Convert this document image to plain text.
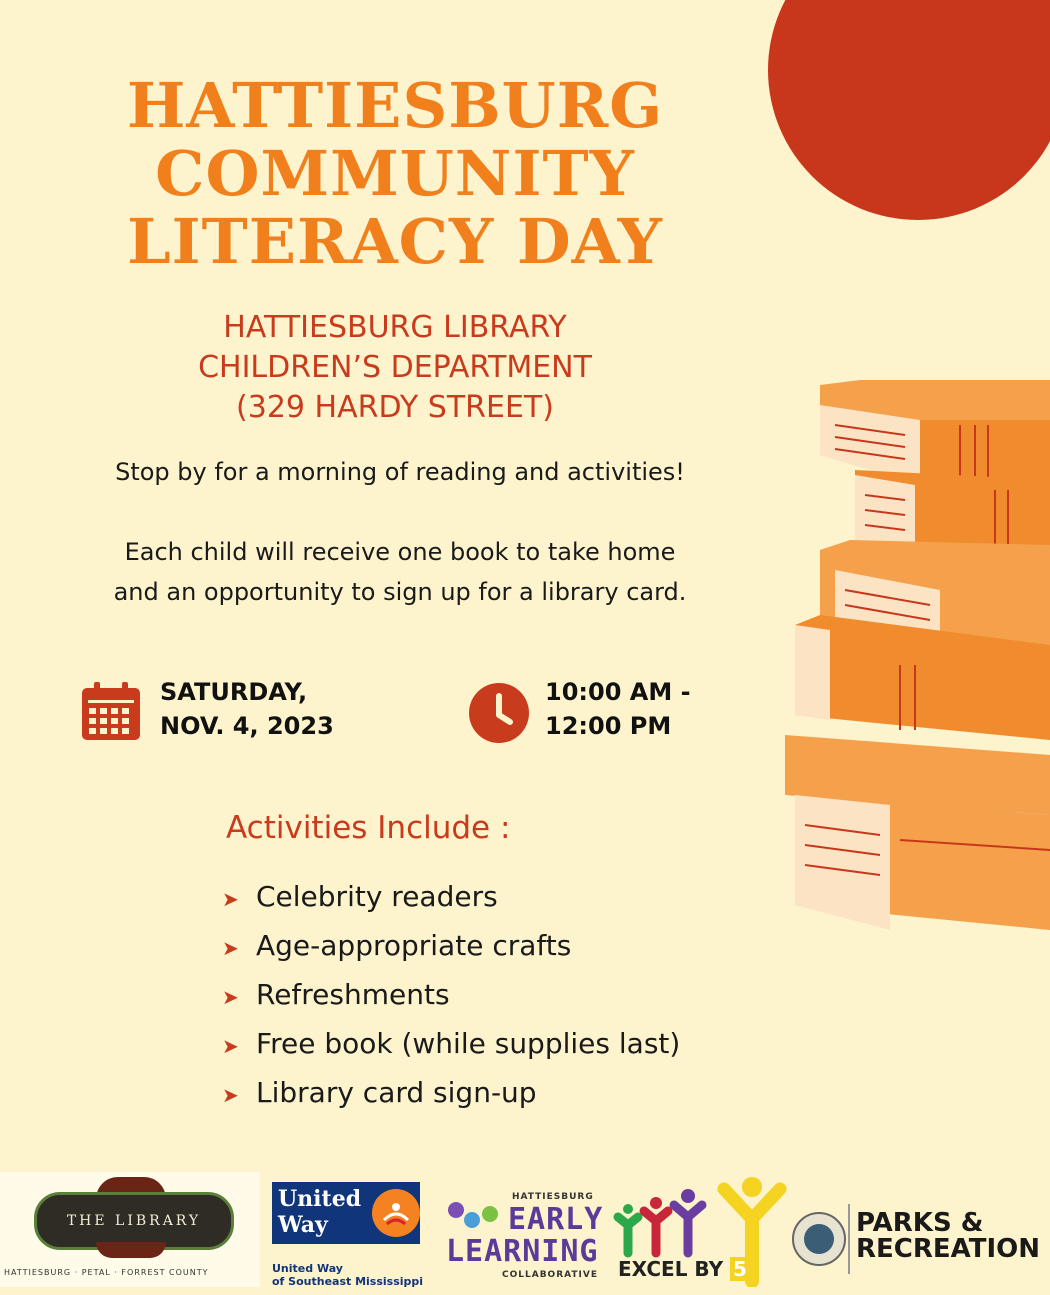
HATTIESBURG
COMMUNITY
LITERACY DAY
HATTIESBURG LIBRARY
CHILDREN’S DEPARTMENT
(329 HARDY STREET)
Stop by for a morning of reading and activities!
Each child will receive one book to take home
and an opportunity to sign up for a library card.
SATURDAY,
NOV. 4, 2023
10:00 AM -
12:00 PM
Activities Include :
➤ Celebrity readers
➤ Age-appropriate crafts
➤ Refreshments
➤ Free book (while supplies last)
➤ Library card sign-up
THE LIBRARY
HATTIESBURG · PETAL · FORREST COUNTY
United
Way
United Way
of Southeast Mississippi
HATTIESBURG
EARLY
LEARNING
COLLABORATIVE EXCEL BY 5
PARKS &
RECREATION
